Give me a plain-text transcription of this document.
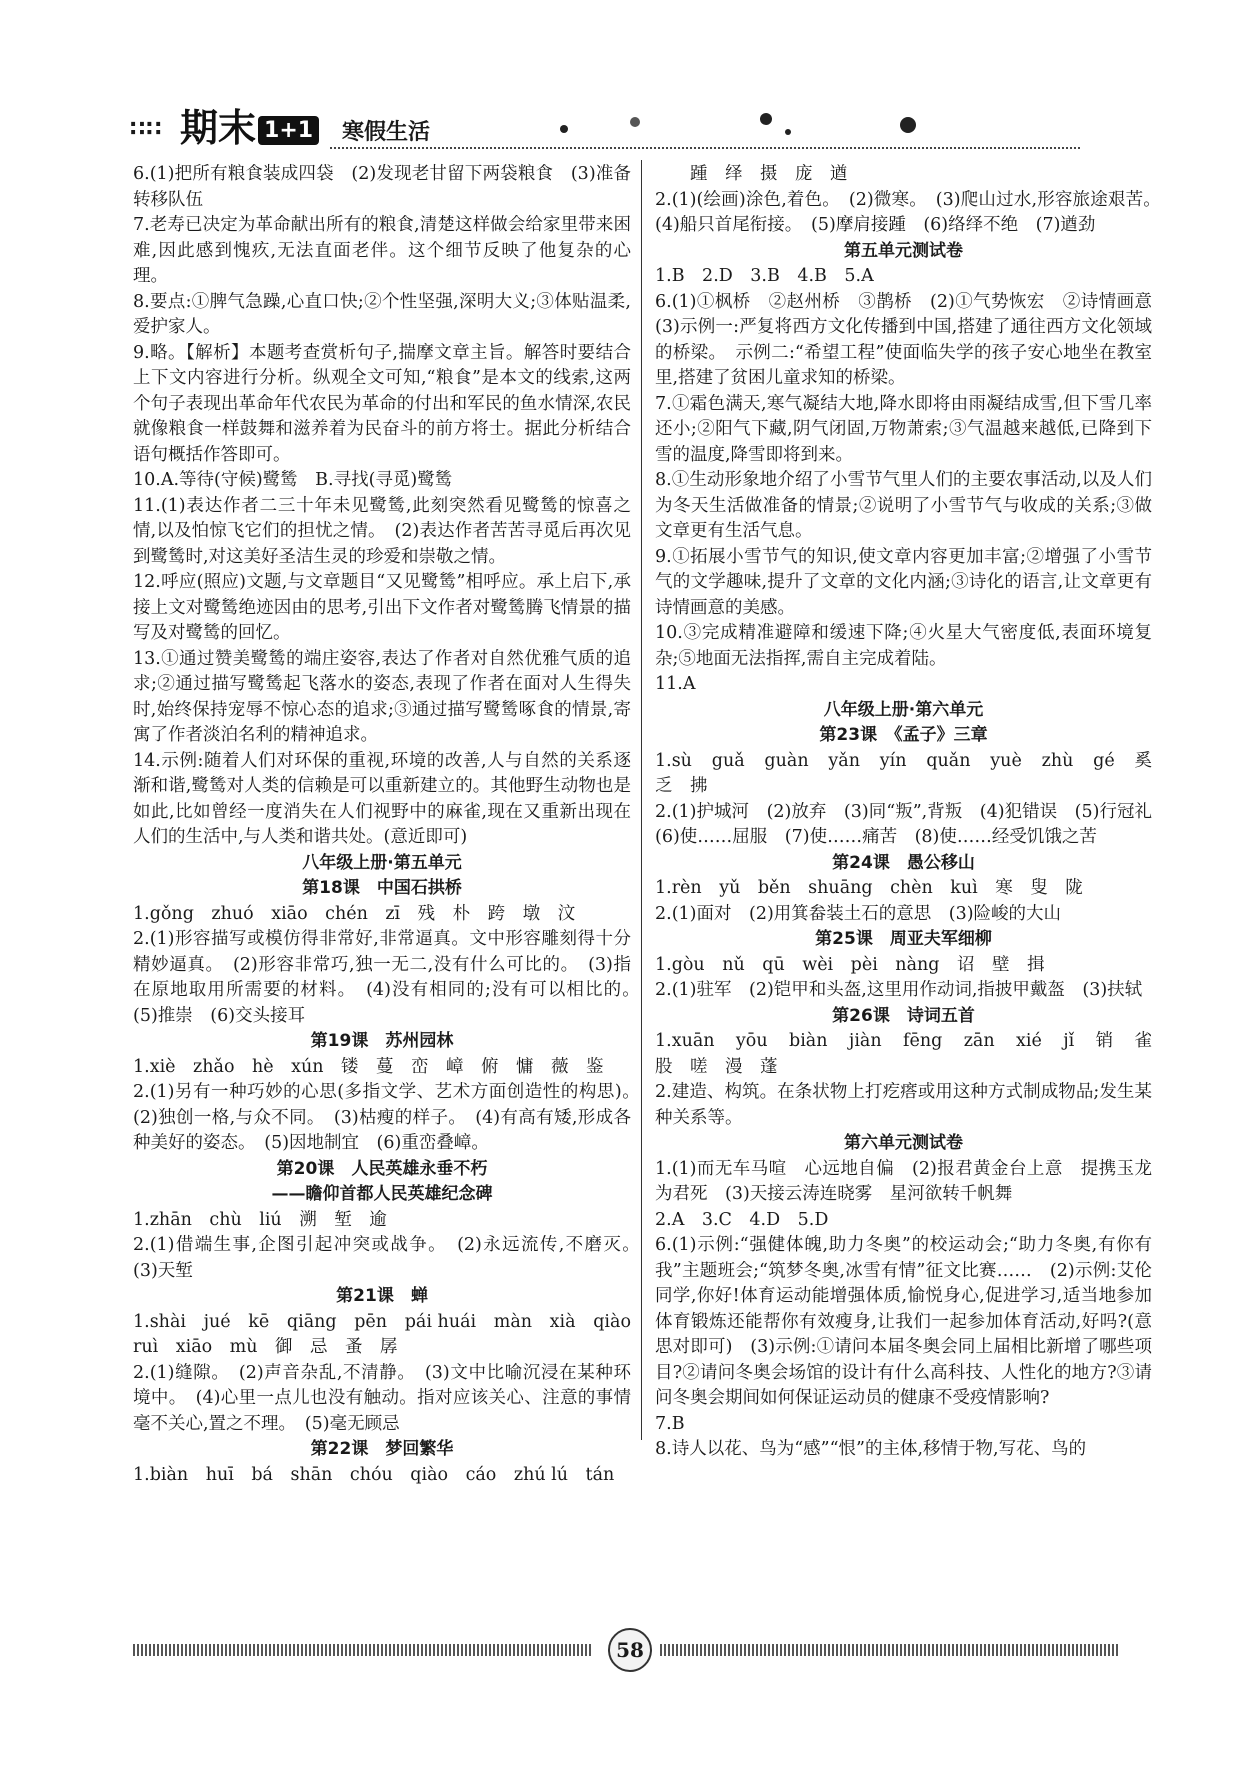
∷∷ 期末 1+1 寒假生活
6.(1)把所有粮食装成四袋　(2)发现老甘留下两袋粮食　(3)准备转移队伍
7.老寿已决定为革命献出所有的粮食,清楚这样做会给家里带来困难,因此感到愧疚,无法直面老伴。这个细节反映了他复杂的心理。
8.要点:①脾气急躁,心直口快;②个性坚强,深明大义;③体贴温柔,爱护家人。
9.略。【解析】本题考查赏析句子,揣摩文章主旨。解答时要结合上下文内容进行分析。纵观全文可知,“粮食”是本文的线索,这两个句子表现出革命年代农民为革命的付出和军民的鱼水情深,农民就像粮食一样鼓舞和滋养着为民奋斗的前方将士。据此分析结合语句概括作答即可。
10.A.等待(守候)鹭鸶　B.寻找(寻觅)鹭鸶
11.(1)表达作者二三十年未见鹭鸶,此刻突然看见鹭鸶的惊喜之情,以及怕惊飞它们的担忧之情。　(2)表达作者苦苦寻觅后再次见到鹭鸶时,对这美好圣洁生灵的珍爱和崇敬之情。
12.呼应(照应)文题,与文章题目“又见鹭鸶”相呼应。承上启下,承接上文对鹭鸶绝迹因由的思考,引出下文作者对鹭鸶腾飞情景的描写及对鹭鸶的回忆。
13.①通过赞美鹭鸶的端庄姿容,表达了作者对自然优雅气质的追求;②通过描写鹭鸶起飞落水的姿态,表现了作者在面对人生得失时,始终保持宠辱不惊心态的追求;③通过描写鹭鸶啄食的情景,寄寓了作者淡泊名利的精神追求。
14.示例:随着人们对环保的重视,环境的改善,人与自然的关系逐渐和谐,鹭鸶对人类的信赖是可以重新建立的。其他野生动物也是如此,比如曾经一度消失在人们视野中的麻雀,现在又重新出现在人们的生活中,与人类和谐共处。(意近即可)
八年级上册·第五单元
第18课　中国石拱桥
1.gǒng　zhuó　xiāo　chén　zī　残　朴　跨　墩　汶
2.(1)形容描写或模仿得非常好,非常逼真。文中形容雕刻得十分精妙逼真。　(2)形容非常巧,独一无二,没有什么可比的。　(3)指在原地取用所需要的材料。　(4)没有相同的;没有可以相比的。　(5)推崇　(6)交头接耳
第19课　苏州园林
1.xiè　zhǎo　hè　xún　镂　蔓　峦　嶂　俯　慵　薇　鉴
2.(1)另有一种巧妙的心思(多指文学、艺术方面创造性的构思)。　(2)独创一格,与众不同。　(3)枯瘦的样子。　(4)有高有矮,形成各种美好的姿态。　(5)因地制宜　(6)重峦叠嶂。
第20课　人民英雄永垂不朽
——瞻仰首都人民英雄纪念碑
1.zhān　chù　liú　溯　堑　逾
2.(1)借端生事,企图引起冲突或战争。　(2)永远流传,不磨灭。　(3)天堑
第21课　蝉
1.shài　jué　kē　qiāng　pēn　pái huái　màn　xià　qiào　ruì　xiāo　mù　御　忌　蚤　孱
2.(1)缝隙。　(2)声音杂乱,不清静。　(3)文中比喻沉浸在某种环境中。　(4)心里一点儿也没有触动。指对应该关心、注意的事情毫不关心,置之不理。　(5)毫无顾忌
第22课　梦回繁华
1.biàn　huī　bá　shān　chóu　qiào　cáo　zhú lú　tán
　　踵　绎　摄　庞　遒
2.(1)(绘画)涂色,着色。　(2)微寒。　(3)爬山过水,形容旅途艰苦。　(4)船只首尾衔接。　(5)摩肩接踵　(6)络绎不绝　(7)遒劲
第五单元测试卷
1.B　2.D　3.B　4.B　5.A
6.(1)①枫桥　②赵州桥　③鹊桥　(2)①气势恢宏　②诗情画意　(3)示例一:严复将西方文化传播到中国,搭建了通往西方文化领域的桥梁。　示例二:“希望工程”使面临失学的孩子安心地坐在教室里,搭建了贫困儿童求知的桥梁。
7.①霜色满天,寒气凝结大地,降水即将由雨凝结成雪,但下雪几率还小;②阳气下藏,阴气闭固,万物萧索;③气温越来越低,已降到下雪的温度,降雪即将到来。
8.①生动形象地介绍了小雪节气里人们的主要农事活动,以及人们为冬天生活做准备的情景;②说明了小雪节气与收成的关系;③做文章更有生活气息。
9.①拓展小雪节气的知识,使文章内容更加丰富;②增强了小雪节气的文学趣味,提升了文章的文化内涵;③诗化的语言,让文章更有诗情画意的美感。
10.③完成精准避障和缓速下降;④火星大气密度低,表面环境复杂;⑤地面无法指挥,需自主完成着陆。
11.A
八年级上册·第六单元
第23课　《孟子》三章
1.sù　guǎ　guàn　yǎn　yín　quǎn　yuè　zhù　gé　奚　乏　拂
2.(1)护城河　(2)放弃　(3)同“叛”,背叛　(4)犯错误　(5)行冠礼　(6)使……屈服　(7)使……痛苦　(8)使……经受饥饿之苦
第24课　愚公移山
1.rèn　yǔ　běn　shuāng　chèn　kuì　寒　叟　陇
2.(1)面对　(2)用箕畚装土石的意思　(3)险峻的大山
第25课　周亚夫军细柳
1.gòu　nǔ　qū　wèi　pèi　nàng　诏　壁　揖
2.(1)驻军　(2)铠甲和头盔,这里用作动词,指披甲戴盔　(3)扶轼
第26课　诗词五首
1.xuān　yōu　biàn　jiàn　fēng　zān　xié　jǐ　销　雀　股　嗟　漫　蓬
2.建造、构筑。在条状物上打疙瘩或用这种方式制成物品;发生某种关系等。
第六单元测试卷
1.(1)而无车马喧　心远地自偏　(2)报君黄金台上意　提携玉龙为君死　(3)天接云涛连晓雾　星河欲转千帆舞
2.A　3.C　4.D　5.D
6.(1)示例:“强健体魄,助力冬奥”的校运动会;“助力冬奥,有你有我”主题班会;“筑梦冬奥,冰雪有情”征文比赛……　(2)示例:艾伦同学,你好!体育运动能增强体质,愉悦身心,促进学习,适当地参加体育锻炼还能帮你有效瘦身,让我们一起参加体育活动,好吗?(意思对即可)　(3)示例:①请问本届冬奥会同上届相比新增了哪些项目?②请问冬奥会场馆的设计有什么高科技、人性化的地方?③请问冬奥会期间如何保证运动员的健康不受疫情影响?
7.B
8.诗人以花、鸟为“感”“恨”的主体,移情于物,写花、鸟的
58
